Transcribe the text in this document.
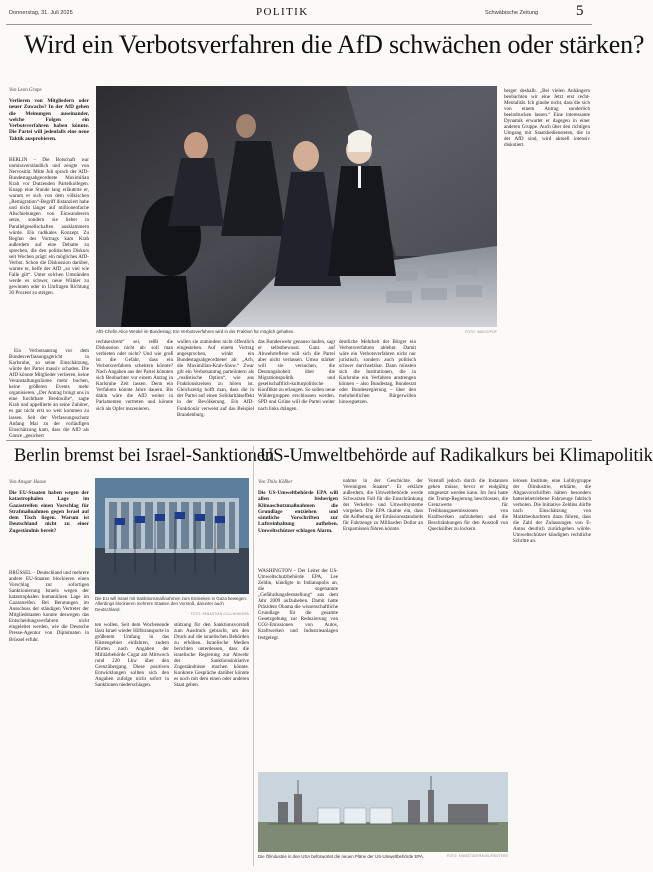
Donnerstag, 31. Juli 2025	POLITIK	Schwäbische Zeitung	5
Wird ein Verbotsverfahren die AfD schwächen oder stärken?
Von Leon Grupe
Verlieren von Mitgliedern oder neuer Zuwachs? In der AfD gehen die Meinungen auseinander, welche Folgen ein Verbotsverfahren haben könnte. Die Partei will jedenfalls eine neue Taktik ausprobieren.

BERLIN – Die Botschaft war unmissverständlich und zeugte von Nervosität. Mitte Juli sprach der AfD-Bundestagsabgeordnete Maximilian Krah vor Dutzenden Parteikollegen. Knapp eine Stunde lang erläuterte er, warum er sich von dem völkischen „Remigration“-Begriff distanziert habe und nicht länger auf millionenfache Abschiebungen von Einwanderern setze, sondern sie lieber in Parallelgesellschaften ausklammern würde. Ein radikales Konzept. Zu Beginn des Vortrags kam Krah außerdem auf eine Debatte zu sprechen, die den politischen Diskurs seit Wochen prägt: ein mögliches AfD-Verbot. Schon die Diskussion darüber, warnte er, helfe der AfD „so viel wie Falle gilt“. Unter solchen Umständen werde es schwer, neue Wähler zu gewinnen oder in Umfragen Richtung 30 Prozent zu steigen.

Ein Verbotsantrag vor dem Bundesverfassungsgericht in Karlsruhe, so seine Einschätzung, würde der Partei massiv schaden. Die AfD könnte Mitglieder verlieren, keine Veranstaltungsräume mehr buchen, keine größeren Events mehr organisieren. „Der Antrag bringt uns in eine furchtbare Bredouille“, sagte Krah und appellierte an seine Zuhörer, es gar nicht erst so weit kommen zu lassen. Seit der Verfassungsschutz Anfang Mai zu der vorläufigen Einschätzung kam, dass die AfD als Ganze „gesichert

AfD-Chefin Alice Weidel im Bundestag: Ein Verbotsverfahren wird in der Fraktion für möglich gehalten.	FOTO: IMAGO/POP

rechtsextrem“ sei, reißt die Diskussion nicht ab: soll man verbieten oder nicht? Und wie groß ist die Gefahr, dass ein Verbotsverfahren scheitern könnte? Nach Angaben aus der Partei könnten sich Beobachter vor einem Antrag in Karlsruhe Zeit lassen. Denn ein Verfahren könnte Jahre dauern. Bis dahin wäre die AfD weiter in Parlamenten vertreten und könnte sich als Opfer inszenieren.

wollen sie zumindest nicht öffentlich eingestehen. Auf einem Vortrag angesprochen, winkt ein Bundestagsabgeordneter ab: „Ach, die Maximilian-Krah-Show.“ Zwar gilt ein Verbotsantrag parteiintern als „realistische Option“, wie aus Fraktionskreisen zu hören ist. Gleichzeitig hofft man, dass die in der Partei auf einen Solidaritätseffekt in der Bevölkerung. Ein AfD-Funktionär verweist auf das Beispiel Brandenburg.

das Bundeswehr genauso laufen, sagt er selbstbewusst. Ganz auf Abwehrreflexe will sich die Partei aber nicht verlassen. Umso stärker will sie versuchen, die Deutungshoheit über die Migrationspolitik und gesellschaftlich-kulturpolitische Konflikte zu erlangen. So sollen neue Wählergruppen erschlossen werden. SPD und Grüne will die Partei weiter nach links drängen.

deutliche Mehrheit der Bürger ein Verbotsverfahren ablehnt. Damit wäre ein Verbotsverfahren nicht nur juristisch, sondern auch politisch schwer durchsetzbar. Dann müssten sich die Institutionen, die in Karlsruhe ein Verfahren anstrengen können – also Bundestag, Bundesrat oder Bundesregierung – über den mehrheitlichen Bürgerwillen hinwegsetzen.

berger deshalb. „Bei vielen Anhängern beobachten wir eine Jetzt erst recht-Mentalität. Ich glaube nicht, dass die sich von einem Antrag sonderlich beeindrucken lassen.“ Eine interessante Dynamik erwartet er dagegen in einer anderen Gruppe. Auch über den richtigen Umgang mit Staatsbediensteten, die in der AfD sind, wird aktuell intensiv diskutiert.

Berlin bremst bei Israel-Sanktionen
Von Ansgar Haase
Die EU-Staaten haben wegen der katastrophalen Lage im Gazastreifen einen Vorschlag für Strafmaßnahmen gegen Israel auf dem Tisch liegen. Warum ist Deutschland nicht zu einer Zugeständnis bereit?

BRÜSSEL – Deutschland und mehrere andere EU-Staaten blockieren einen Vorschlag zur sofortigen Sanktionierung Israels wegen der katastrophalen humanitären Lage im Gazastreifen. Bei Beratungen im Ausschuss der ständigen Vertreter der Mitgliedstaaten konnte deswegen das Entscheidungsverfahren nicht eingeleitet werden, wie die Deutsche Presse-Agentur von Diplomaten in Brüssel erfuhr.

Die EU will Israel mit Sanktionsmaßnahmen zum Einlenken in Gaza bewegen. Allerdings blockieren mehrere Staaten den Vorstoß, darunter auch Deutschland.
FOTO: SEBASTIAN GOLLNOW/DPA

ten wollen. Seit dem Wochenende lässt Israel wieder Hilfstransporte in größerem Umfang in das Küstengebiet einfahren, zudem führten nach Angaben der Militärbehörde Cogat am Mittwoch rund 220 Lkw über den Grenzübergang. Diese positiven Entwicklungen sollten sich den Angaben zufolge nicht sofort in Sanktionen niederschlagen.

stützung für den Sanktionsvorstoß zum Ausdruck gebracht, um den Druck auf die israelischen Behörden zu erhöhen. Israelische Medien berichten unterdessen, dass die israelische Regierung zur Abwehr der Sanktionsinitiative Zugeständnisse machen könnte. Konkrete Gespräche darüber könnte es noch mit dem einen oder anderen Staat geben.

US-Umweltbehörde auf Radikalkurs bei Klimapolitik
Von Thilo Kößler
Die US-Umweltbehörde EPA will allen bisherigen Klimaschutzmaßnahmen die Grundlage entziehen und sämtliche Vorschriften zur Luftreinhaltung aufheben. Umweltschützer schlagen Alarm.

WASHINGTON – Der Leiter der US-Umweltschutzbehörde EPA, Lee Zeldin, kündigte in Indianapolis an, die sogenannte „Gefährdungsfeststellung“ aus dem Jahr 2009 aufzuheben. Damit hatte Präsident Obama die wissenschaftliche Grundlage für die gesamte Gesetzgebung zur Reduzierung von CO2-Emissionen von Autos, Kraftwerken und Industrieanlagen festgelegt.

nahme in der Geschichte der Vereinigten Staaten“. Er erklärte außerdem, die Umweltbehörde werde Schwarzen Fall für die Einschränkung der Verkehrs- und Umweltsysteme vorgehen. Die EPA räumte ein, dass die Aufhebung der Emissionsstandards für Fahrzeuge zu Milliarden Dollar an Ersparnissen führen könnte.

Vorstoß jedoch durch die Instanzen gehen müsse, bevor er endgültig umgesetzt werden kann. Im Juni hatte die Trump-Regierung beschlossen, die Grenzwerte für Treibhausgasemissionen von Kraftwerken aufzuheben und die Beschränkungen für den Ausstoß von Quecksilber zu lockern.

lelosen Institute, eine Lobbygruppe der Ölindustrie, erklärte, die Abgasvorschriften hätten besonders batteriebetriebene Fahrzeuge faktisch verboten. Die Initiative Zeldins dürfte nach Einschätzung von Marktbeobachtern dazu führen, dass die Zahl der Zulassungen von E-Autos deutlich zurückgehen würde. Umweltschützer kündigten rechtliche Schritte an.

Die Ölindustrie in den USA befürwortet die neuen Pläne der US-Umweltbehörde EPA.	FOTO: KINGSTONTRAVEL/REUTERS
